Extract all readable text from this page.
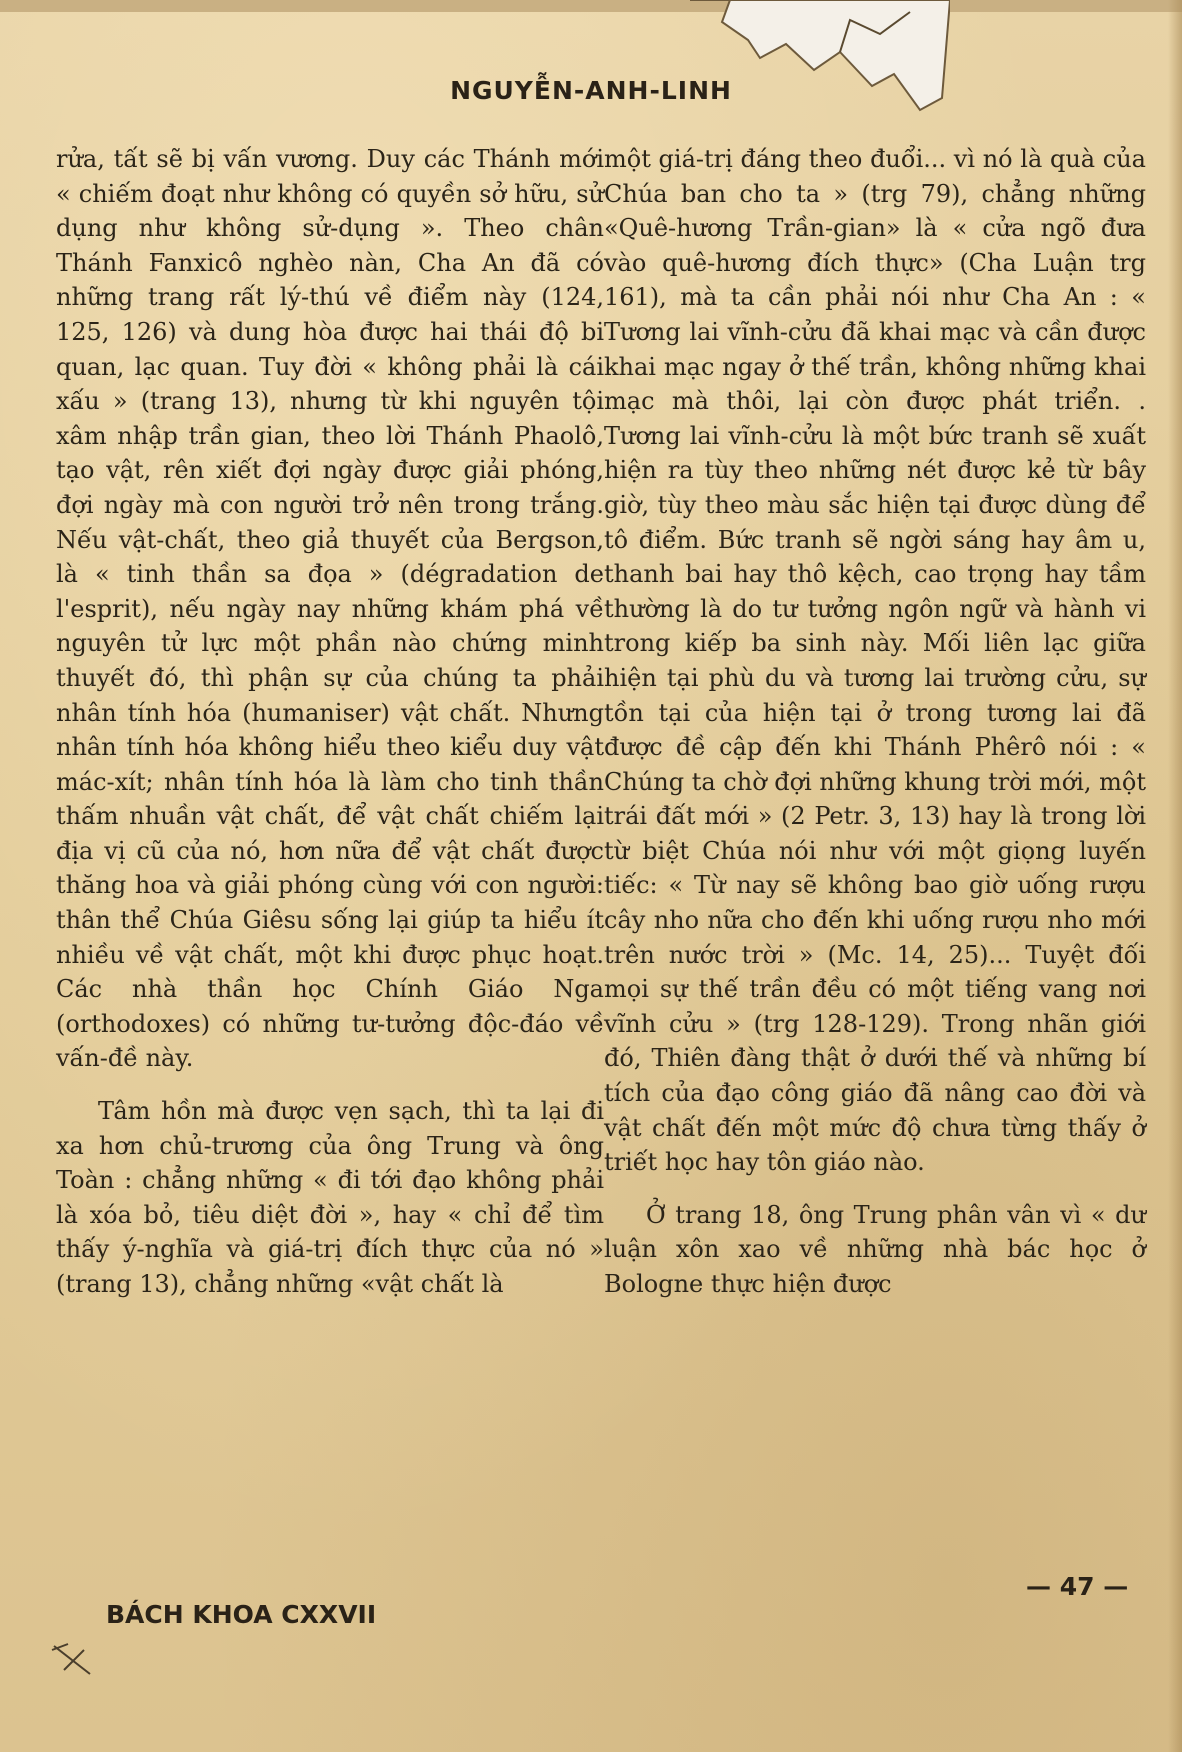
NGUYỄN-ANH-LINH

rửa, tất sẽ bị vấn vương. Duy các Thánh mới « chiếm đoạt như không có quyền sở hữu, sử dụng như không sử-dụng ». Theo chân Thánh Fanxicô nghèo nàn, Cha An đã có những trang rất lý-thú về điểm này (124, 125, 126) và dung hòa được hai thái độ bi quan, lạc quan. Tuy đời « không phải là cái xấu » (trang 13), nhưng từ khi nguyên tội xâm nhập trần gian, theo lời Thánh Phaolô, tạo vật, rên xiết đợi ngày được giải phóng, đợi ngày mà con người trở nên trong trắng. Nếu vật-chất, theo giả thuyết của Bergson, là « tinh thần sa đọa » (dégradation de l'esprit), nếu ngày nay những khám phá về nguyên tử lực một phần nào chứng minh thuyết đó, thì phận sự của chúng ta phải nhân tính hóa (humaniser) vật chất. Nhưng nhân tính hóa không hiểu theo kiểu duy vật mác-xít; nhân tính hóa là làm cho tinh thần thấm nhuần vật chất, để vật chất chiếm lại địa vị cũ của nó, hơn nữa để vật chất được thăng hoa và giải phóng cùng với con người: thân thể Chúa Giêsu sống lại giúp ta hiểu ít nhiều về vật chất, một khi được phục hoạt. Các nhà thần học Chính Giáo Nga (orthodoxes) có những tư-tưởng độc-đáo về vấn-đề này.

Tâm hồn mà được vẹn sạch, thì ta lại đi xa hơn chủ-trương của ông Trung và ông Toàn : chẳng những « đi tới đạo không phải là xóa bỏ, tiêu diệt đời », hay « chỉ để tìm thấy ý-nghĩa và giá-trị đích thực của nó » (trang 13), chẳng những «vật chất là

một giá-trị đáng theo đuổi... vì nó là quà của Chúa ban cho ta » (trg 79), chẳng những «Quê-hương Trần-gian» là « cửa ngõ đưa vào quê-hương đích thực» (Cha Luận trg 161), mà ta cần phải nói như Cha An : « Tương lai vĩnh-cửu đã khai mạc và cần được khai mạc ngay ở thế trần, không những khai mạc mà thôi, lại còn được phát triển. . Tương lai vĩnh-cửu là một bức tranh sẽ xuất hiện ra tùy theo những nét được kẻ từ bây giờ, tùy theo màu sắc hiện tại được dùng để tô điểm. Bức tranh sẽ ngời sáng hay âm u, thanh bai hay thô kệch, cao trọng hay tầm thường là do tư tưởng ngôn ngữ và hành vi trong kiếp ba sinh này. Mối liên lạc giữa hiện tại phù du và tương lai trường cửu, sự tồn tại của hiện tại ở trong tương lai đã được đề cập đến khi Thánh Phêrô nói : « Chúng ta chờ đợi những khung trời mới, một trái đất mới » (2 Petr. 3, 13) hay là trong lời từ biệt Chúa nói như với một giọng luyến tiếc: « Từ nay sẽ không bao giờ uống rượu cây nho nữa cho đến khi uống rượu nho mới trên nước trời » (Mc. 14, 25)... Tuyệt đối mọi sự thế trần đều có một tiếng vang nơi vĩnh cửu » (trg 128-129). Trong nhãn giới đó, Thiên đàng thật ở dưới thế và những bí tích của đạo công giáo đã nâng cao đời và vật chất đến một mức độ chưa từng thấy ở triết học hay tôn giáo nào.

Ở trang 18, ông Trung phân vân vì « dư luận xôn xao về những nhà bác học ở Bologne thực hiện được

BÁCH KHOA CXXVII
— 47 —
